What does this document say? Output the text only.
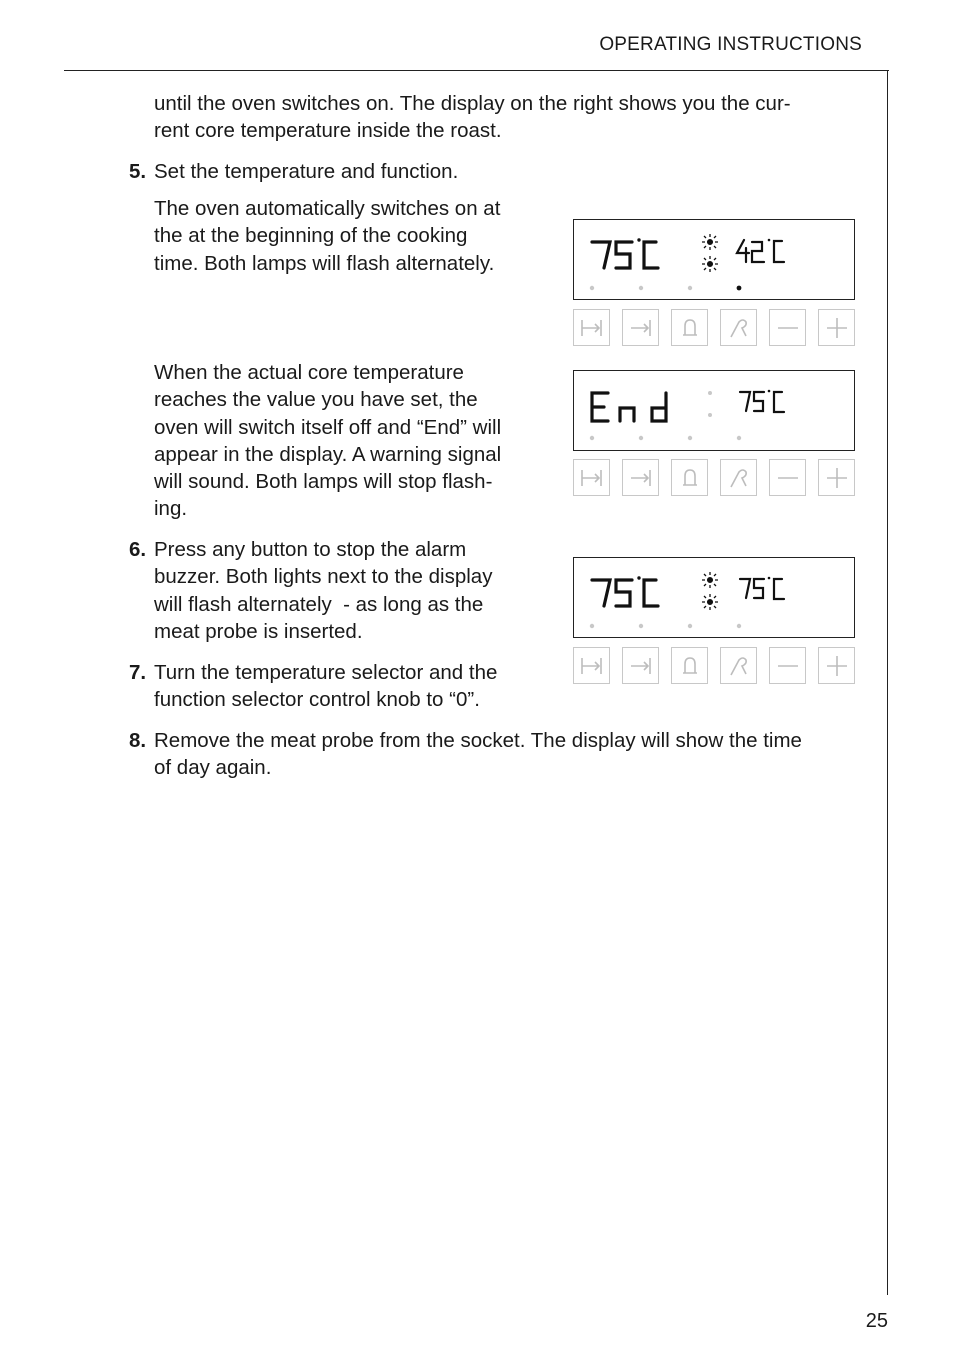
OPERATING INSTRUCTIONS
until the oven switches on. The display on the right shows you the cur-
rent core temperature inside the roast.
5. Set the temperature and function.
The oven automatically switches on at
the at the beginning of the cooking
time. Both lamps will flash alternately.
When the actual core temperature
reaches the value you have set, the
oven will switch itself off and “End” will
appear in the display. A warning signal
will sound. Both lamps will stop flash-
ing.
6. Press any button to stop the alarm
buzzer. Both lights next to the display
will flash alternately  - as long as the
meat probe is inserted.
7. Turn the temperature selector and the
function selector control knob to “0”.
8. Remove the meat probe from the socket. The display will show the time
of day again.
25
